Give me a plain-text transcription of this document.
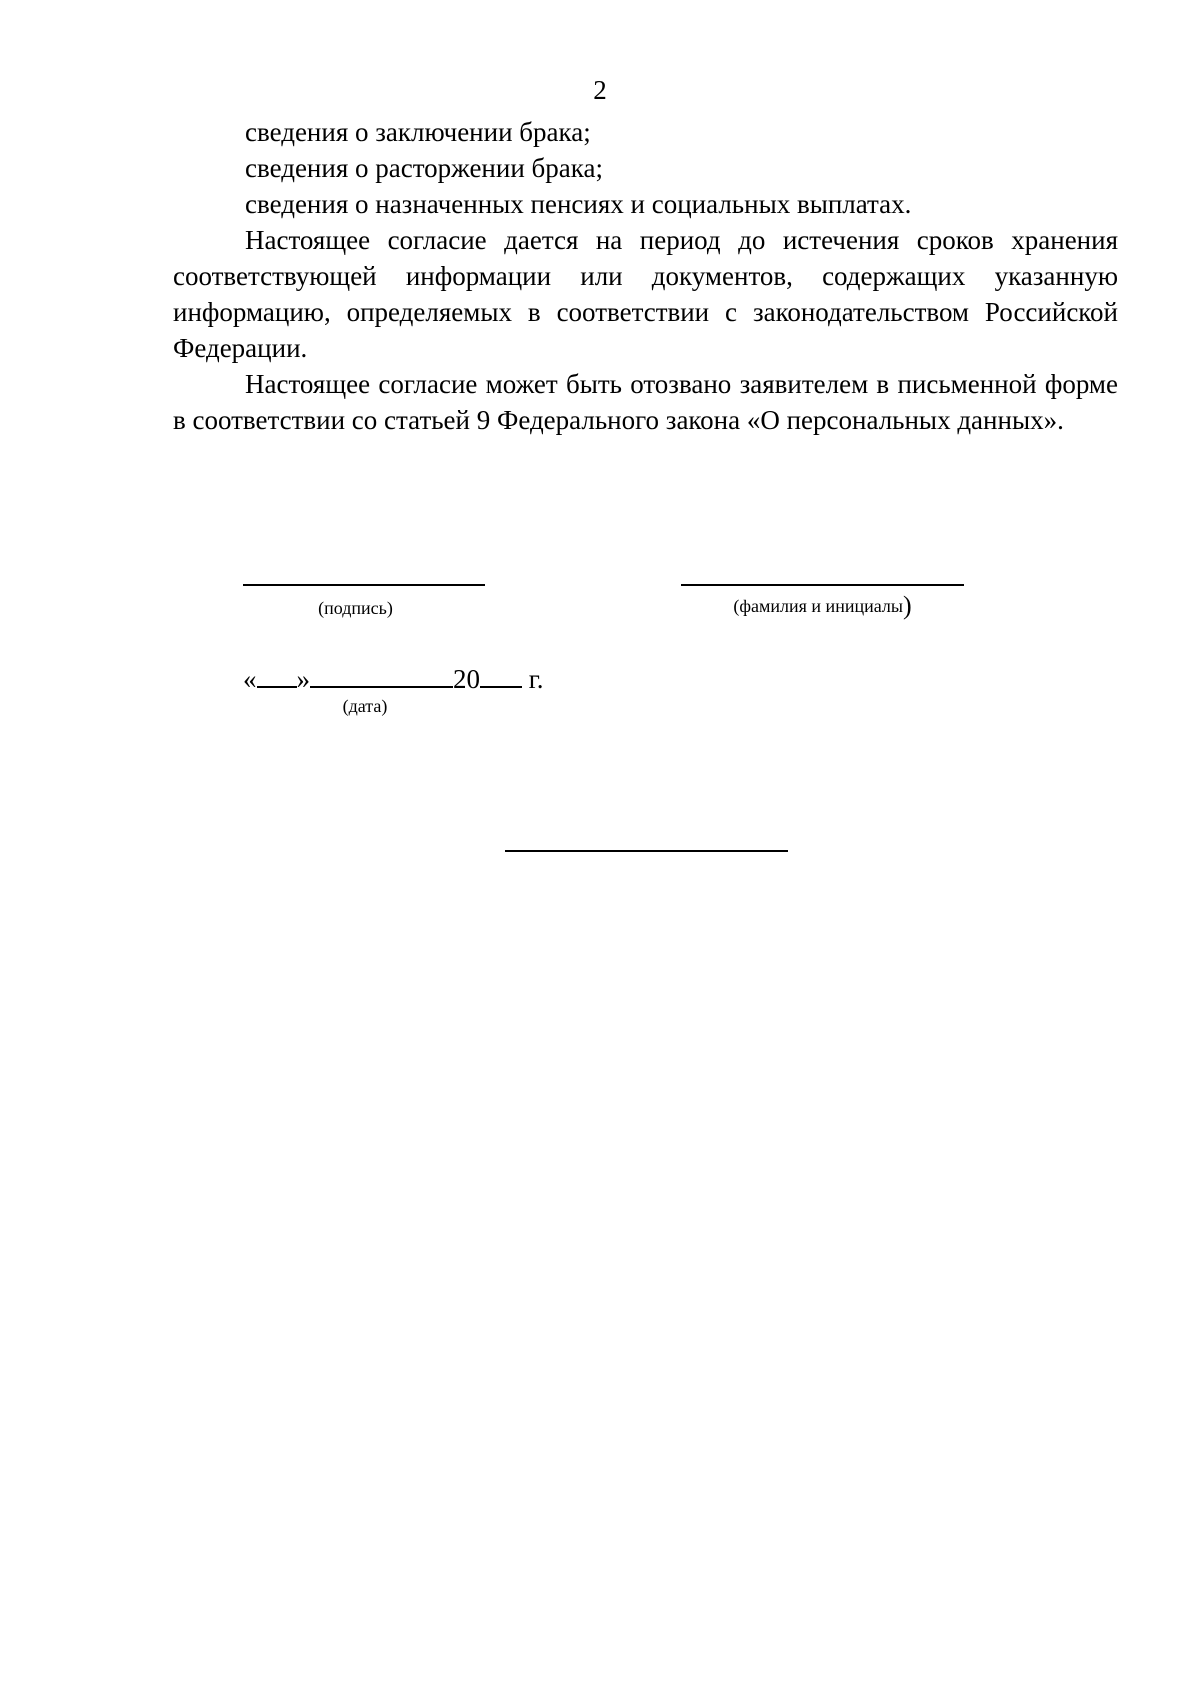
2

сведения о заключении брака;

сведения о расторжении брака;

сведения о назначенных пенсиях и социальных выплатах.

Настоящее согласие дается на период до истечения сроков хранения соответствующей информации или документов, содержащих указанную информацию, определяемых в соответствии с законодательством Российской Федерации.

Настоящее согласие может быть отозвано заявителем в письменной форме в соответствии со статьей 9 Федерального закона «О персональных данных».

(подпись)	(фамилия и инициалы)
« »	20 г.
(дата)
